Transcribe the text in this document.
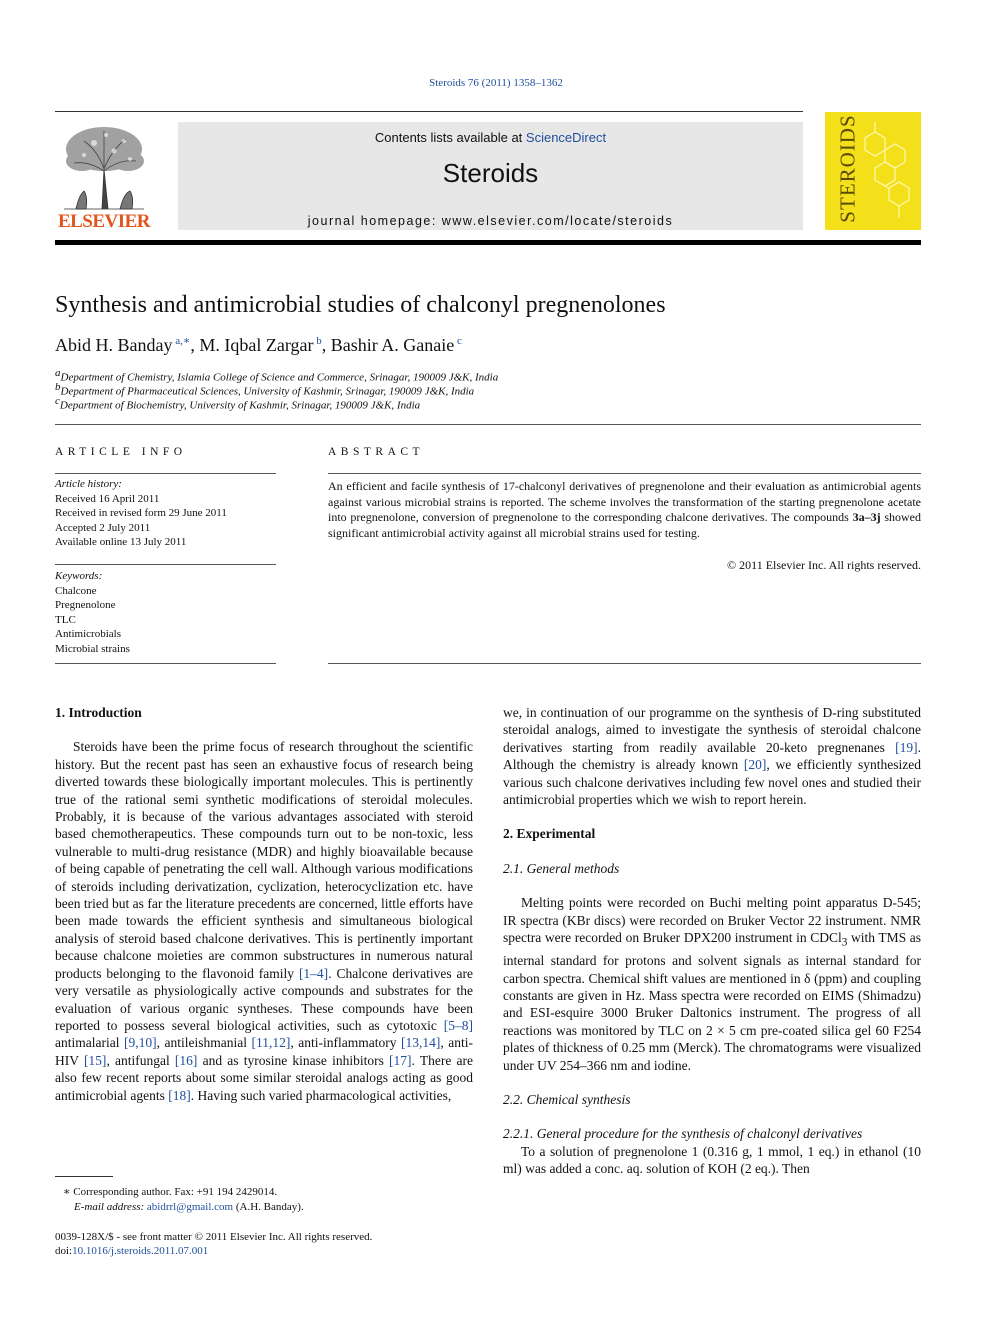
Steroids 76 (2011) 1358–1362
ELSEVIER
Contents lists available at ScienceDirect
Steroids
journal homepage: www.elsevier.com/locate/steroids	STEROIDS
Synthesis and antimicrobial studies of chalconyl pregnenolones
Abid H. Banday $^{a,∗}$, M. Iqbal Zargar $^b$, Bashir A. Ganaie $^c$
$^a$Department of Chemistry, Islamia College of Science and Commerce, Srinagar, 190009 J&K, India
$^b$Department of Pharmaceutical Sciences, University of Kashmir, Srinagar, 190009 J&K, India
$^c$Department of Biochemistry, University of Kashmir, Srinagar, 190009 J&K, India
ARTICLE INFO
Article history:
Received 16 April 2011
Received in revised form 29 June 2011
Accepted 2 July 2011
Available online 13 July 2011
Keywords:
Chalcone
Pregnenolone
TLC
Antimicrobials
Microbial strains
ABSTRACT
An efficient and facile synthesis of 17-chalconyl derivatives of pregnenolone and their evaluation as antimicrobial agents against various microbial strains is reported. The scheme involves the transformation of the starting pregnenolone acetate into pregnenolone, conversion of pregnenolone to the corresponding chalcone derivatives. The compounds 3a–3j showed significant antimicrobial activity against all microbial strains used for testing.
© 2011 Elsevier Inc. All rights reserved.

1. Introduction

Steroids have been the prime focus of research throughout the scientific history. But the recent past has seen an exhaustive focus of research being diverted towards these biologically important molecules. This is pertinently true of the rational semi synthetic modifications of steroidal molecules. Probably, it is because of the various advantages associated with steroid based chemotherapeutics. These compounds turn out to be non-toxic, less vulnerable to multi-drug resistance (MDR) and highly bioavailable because of being capable of penetrating the cell wall. Although various modifications of steroids including derivatization, cyclization, heterocyclization etc. have been tried but as far the literature precedents are concerned, little efforts have been made towards the efficient synthesis and simultaneous biological analysis of steroid based chalcone derivatives. This is pertinently important because chalcone moieties are common substructures in numerous natural products belonging to the flavonoid family [1–4]. Chalcone derivatives are very versatile as physiologically active compounds and substrates for the evaluation of various organic syntheses. These compounds have been reported to possess several biological activities, such as cytotoxic [5–8] antimalarial [9,10], antileishmanial [11,12], anti-inflammatory [13,14], anti-HIV [15], antifungal [16] and as tyrosine kinase inhibitors [17]. There are also few recent reports about some similar steroidal analogs acting as good antimicrobial agents [18]. Having such varied pharmacological activities,

we, in continuation of our programme on the synthesis of D-ring substituted steroidal analogs, aimed to investigate the synthesis of steroidal chalcone derivatives starting from readily available 20-keto pregnenanes [19]. Although the chemistry is already known [20], we efficiently synthesized various such chalcone derivatives including few novel ones and studied their antimicrobial properties which we wish to report herein.

2. Experimental

2.1. General methods

Melting points were recorded on Buchi melting point apparatus D-545; IR spectra (KBr discs) were recorded on Bruker Vector 22 instrument. NMR spectra were recorded on Bruker DPX200 instrument in CDCl$_3$ with TMS as internal standard for protons and solvent signals as internal standard for carbon spectra. Chemical shift values are mentioned in δ (ppm) and coupling constants are given in Hz. Mass spectra were recorded on EIMS (Shimadzu) and ESI-esquire 3000 Bruker Daltonics instrument. The progress of all reactions was monitored by TLC on 2 × 5 cm pre-coated silica gel 60 F254 plates of thickness of 0.25 mm (Merck). The chromatograms were visualized under UV 254–366 nm and iodine.

2.2. Chemical synthesis

2.2.1. General procedure for the synthesis of chalconyl derivatives

To a solution of pregnenolone 1 (0.316 g, 1 mmol, 1 eq.) in ethanol (10 ml) was added a conc. aq. solution of KOH (2 eq.). Then

∗ Corresponding author. Fax: +91 194 2429014.
E-mail address: abidrrl@gmail.com (A.H. Banday).
0039-128X/$ - see front matter © 2011 Elsevier Inc. All rights reserved.
doi:10.1016/j.steroids.2011.07.001
